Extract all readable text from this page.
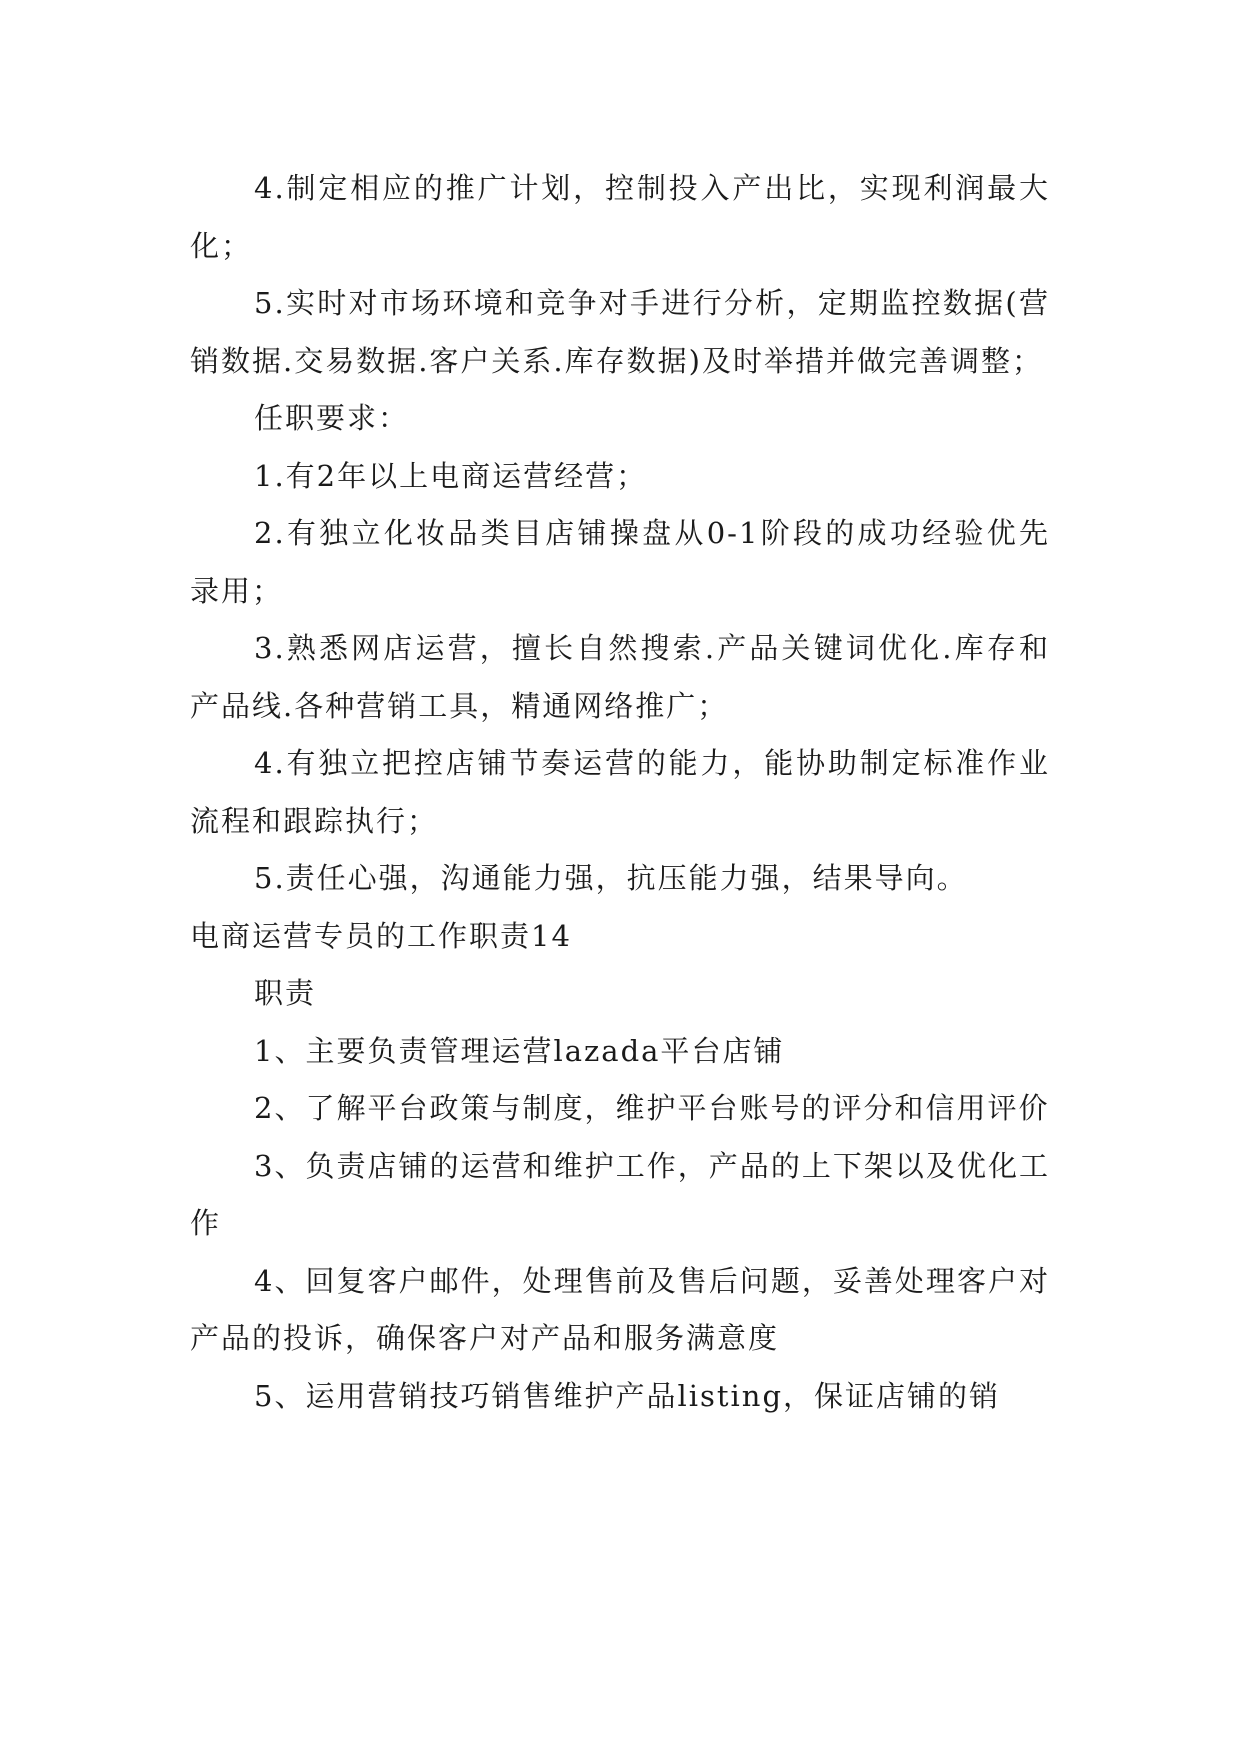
4.制定相应的推广计划，控制投入产出比，实现利润最大化；

5.实时对市场环境和竞争对手进行分析，定期监控数据(营销数据.交易数据.客户关系.库存数据)及时举措并做完善调整；

任职要求：

1.有2年以上电商运营经营；

2.有独立化妆品类目店铺操盘从0-1阶段的成功经验优先录用；

3.熟悉网店运营，擅长自然搜索.产品关键词优化.库存和产品线.各种营销工具，精通网络推广；

4.有独立把控店铺节奏运营的能力，能协助制定标准作业流程和跟踪执行；

5.责任心强，沟通能力强，抗压能力强，结果导向。

电商运营专员的工作职责14

职责

1、主要负责管理运营lazada平台店铺

2、了解平台政策与制度，维护平台账号的评分和信用评价

3、负责店铺的运营和维护工作，产品的上下架以及优化工作

4、回复客户邮件，处理售前及售后问题，妥善处理客户对产品的投诉，确保客户对产品和服务满意度

5、运用营销技巧销售维护产品listing，保证店铺的销
